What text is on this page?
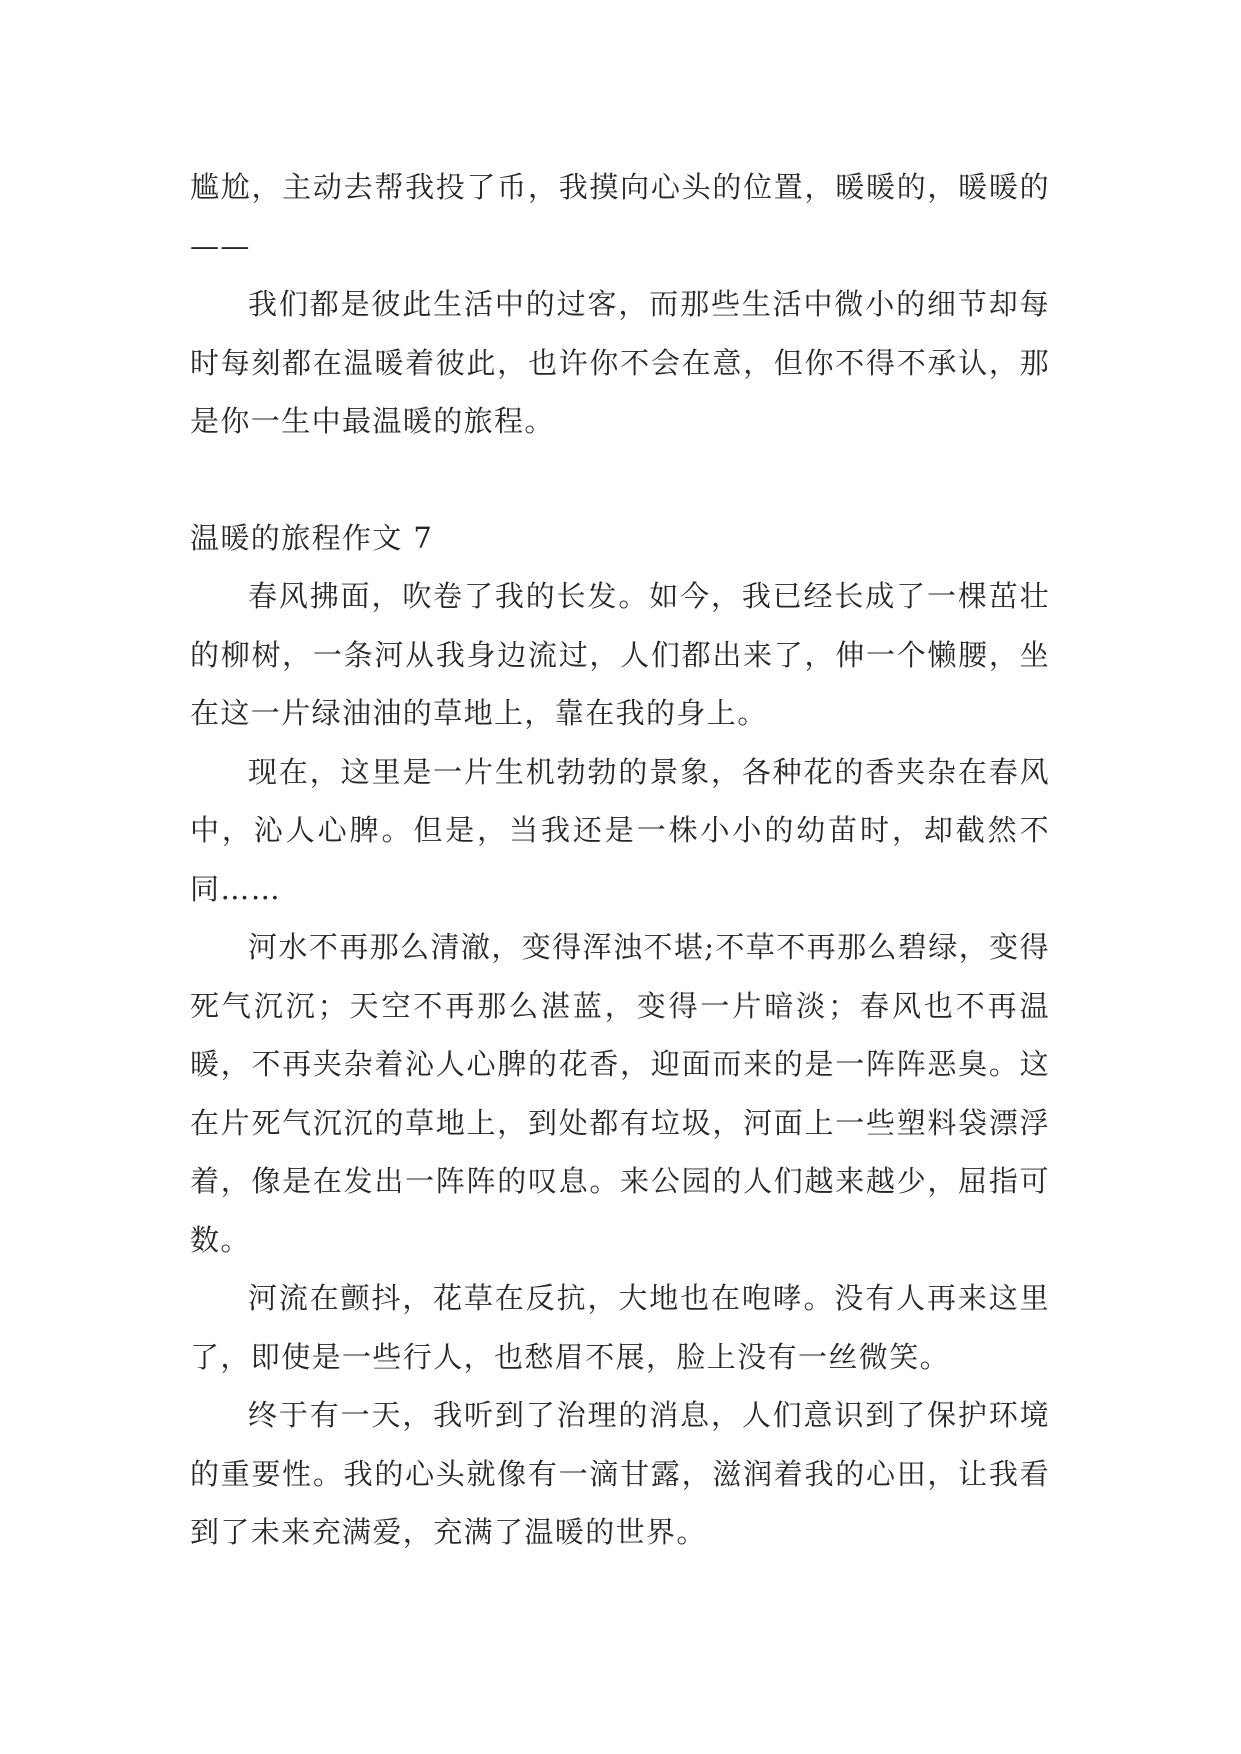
尴尬，主动去帮我投了币，我摸向心头的位置，暖暖的，暖暖的——

我们都是彼此生活中的过客，而那些生活中微小的细节却每时每刻都在温暖着彼此，也许你不会在意，但你不得不承认，那是你一生中最温暖的旅程。

温暖的旅程作文 7

春风拂面，吹卷了我的长发。如今，我已经长成了一棵茁壮的柳树，一条河从我身边流过，人们都出来了，伸一个懒腰，坐在这一片绿油油的草地上，靠在我的身上。

现在，这里是一片生机勃勃的景象，各种花的香夹杂在春风中，沁人心脾。但是，当我还是一株小小的幼苗时，却截然不同……

河水不再那么清澈，变得浑浊不堪;不草不再那么碧绿，变得死气沉沉；天空不再那么湛蓝，变得一片暗淡；春风也不再温暖，不再夹杂着沁人心脾的花香，迎面而来的是一阵阵恶臭。这在片死气沉沉的草地上，到处都有垃圾，河面上一些塑料袋漂浮着，像是在发出一阵阵的叹息。来公园的人们越来越少，屈指可数。

河流在颤抖，花草在反抗，大地也在咆哮。没有人再来这里了，即使是一些行人，也愁眉不展，脸上没有一丝微笑。

终于有一天，我听到了治理的消息，人们意识到了保护环境的重要性。我的心头就像有一滴甘露，滋润着我的心田，让我看到了未来充满爱，充满了温暖的世界。
